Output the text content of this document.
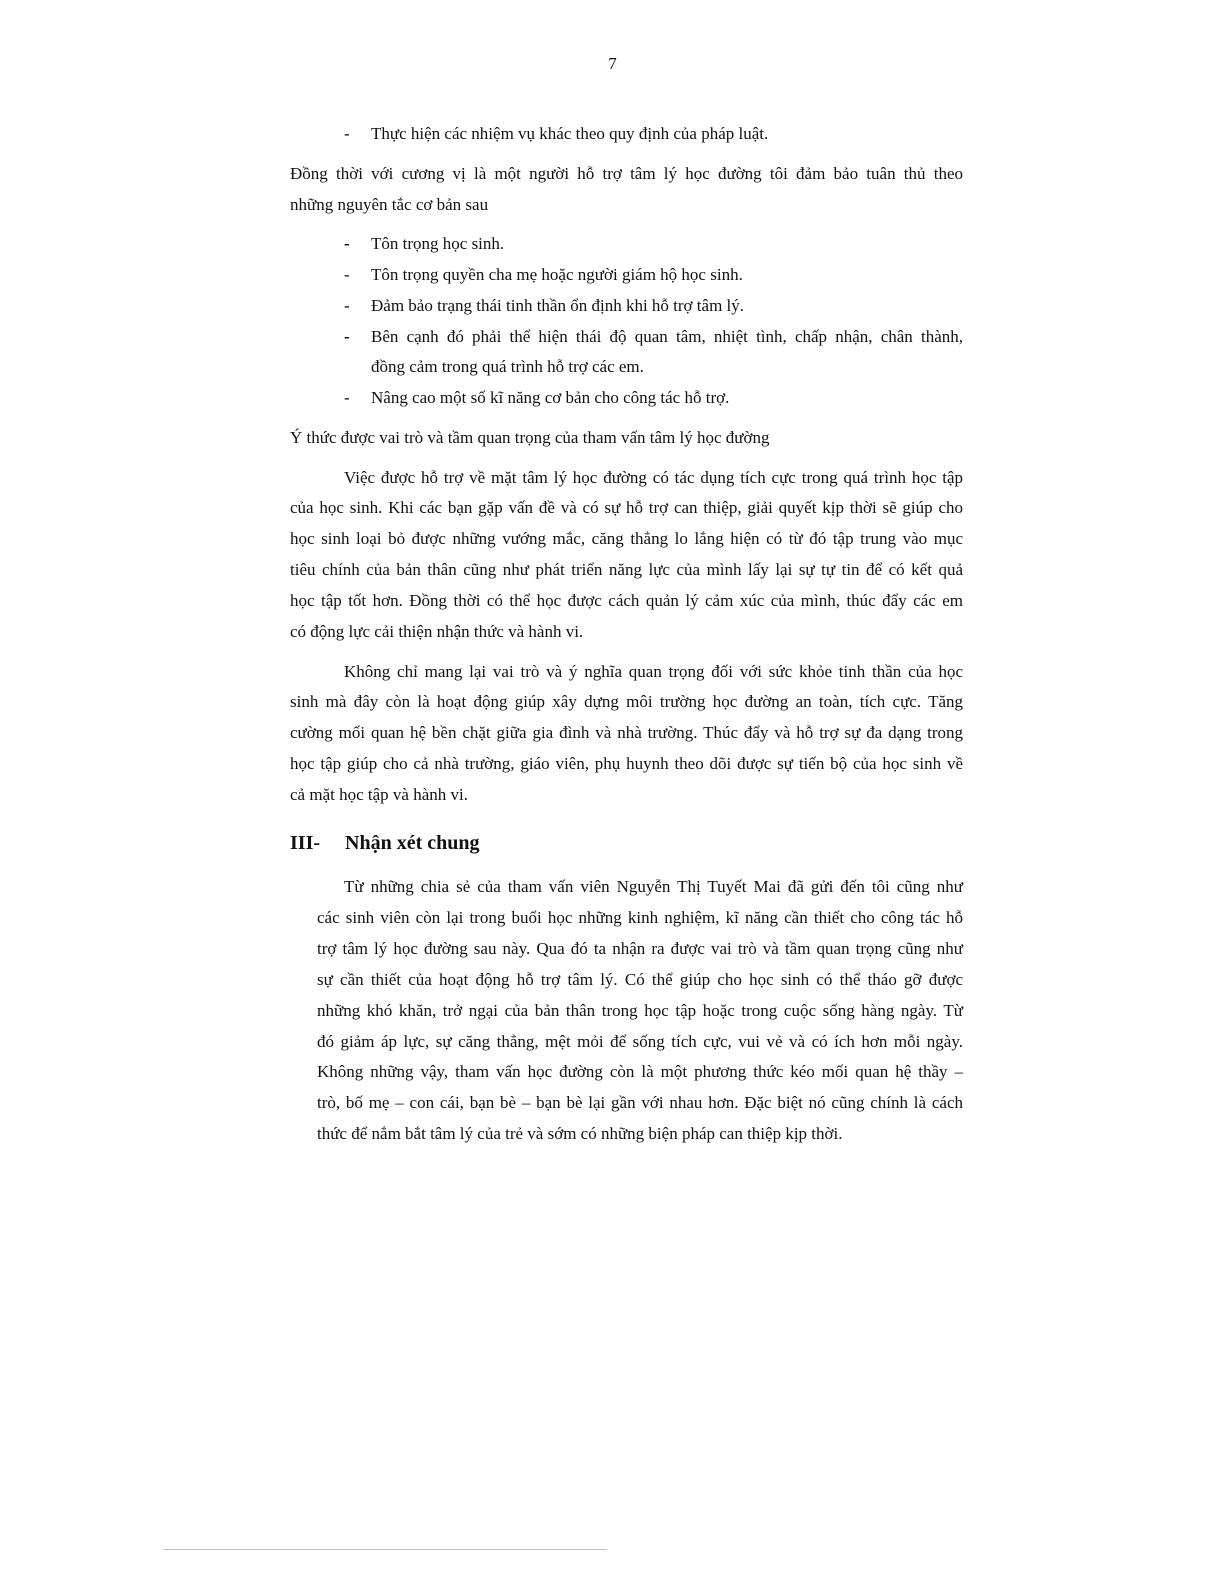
7
- Thực hiện các nhiệm vụ khác theo quy định của pháp luật.
Đồng thời với cương vị là một người hỗ trợ tâm lý học đường tôi đảm bảo tuân thủ theo
những nguyên tắc cơ bản sau
- Tôn trọng học sinh.
- Tôn trọng quyền cha mẹ hoặc người giám hộ học sinh.
- Đảm bảo trạng thái tinh thần ổn định khi hỗ trợ tâm lý.
- Bên cạnh đó phải thể hiện thái độ quan tâm, nhiệt tình, chấp nhận, chân thành,
đồng cảm trong quá trình hỗ trợ các em.
- Nâng cao một số kĩ năng cơ bản cho công tác hỗ trợ.
Ý thức được vai trò và tầm quan trọng của tham vấn tâm lý học đường
Việc được hỗ trợ về mặt tâm lý học đường có tác dụng tích cực trong quá trình học tập
của học sinh. Khi các bạn gặp vấn đề và có sự hỗ trợ can thiệp, giải quyết kịp thời sẽ giúp cho
học sinh loại bỏ được những vướng mắc, căng thẳng lo lắng hiện có từ đó tập trung vào mục
tiêu chính của bản thân cũng như phát triển năng lực của mình lấy lại sự tự tin để có kết quả
học tập tốt hơn. Đồng thời có thể học được cách quản lý cảm xúc của mình, thúc đẩy các em
có động lực cải thiện nhận thức và hành vi.
Không chỉ mang lại vai trò và ý nghĩa quan trọng đối với sức khỏe tinh thần của học
sinh mà đây còn là hoạt động giúp xây dựng môi trường học đường an toàn, tích cực. Tăng
cường mối quan hệ bền chặt giữa gia đình và nhà trường. Thúc đẩy và hỗ trợ sự đa dạng trong
học tập giúp cho cả nhà trường, giáo viên, phụ huynh theo dõi được sự tiến bộ của học sinh về
cả mặt học tập và hành vi.
III- Nhận xét chung
Từ những chia sẻ của tham vấn viên Nguyễn Thị Tuyết Mai đã gửi đến tôi cũng như
các sinh viên còn lại trong buổi học những kinh nghiệm, kĩ năng cần thiết cho công tác hỗ
trợ tâm lý học đường sau này. Qua đó ta nhận ra được vai trò và tầm quan trọng cũng như
sự cần thiết của hoạt động hỗ trợ tâm lý. Có thể giúp cho học sinh có thể tháo gỡ được
những khó khăn, trở ngại của bản thân trong học tập hoặc trong cuộc sống hàng ngày. Từ
đó giảm áp lực, sự căng thẳng, mệt mỏi để sống tích cực, vui vẻ và có ích hơn mỗi ngày.
Không những vậy, tham vấn học đường còn là một phương thức kéo mối quan hệ thầy –
trò, bố mẹ – con cái, bạn bè – bạn bè lại gần với nhau hơn. Đặc biệt nó cũng chính là cách
thức để nắm bắt tâm lý của trẻ và sớm có những biện pháp can thiệp kịp thời.
